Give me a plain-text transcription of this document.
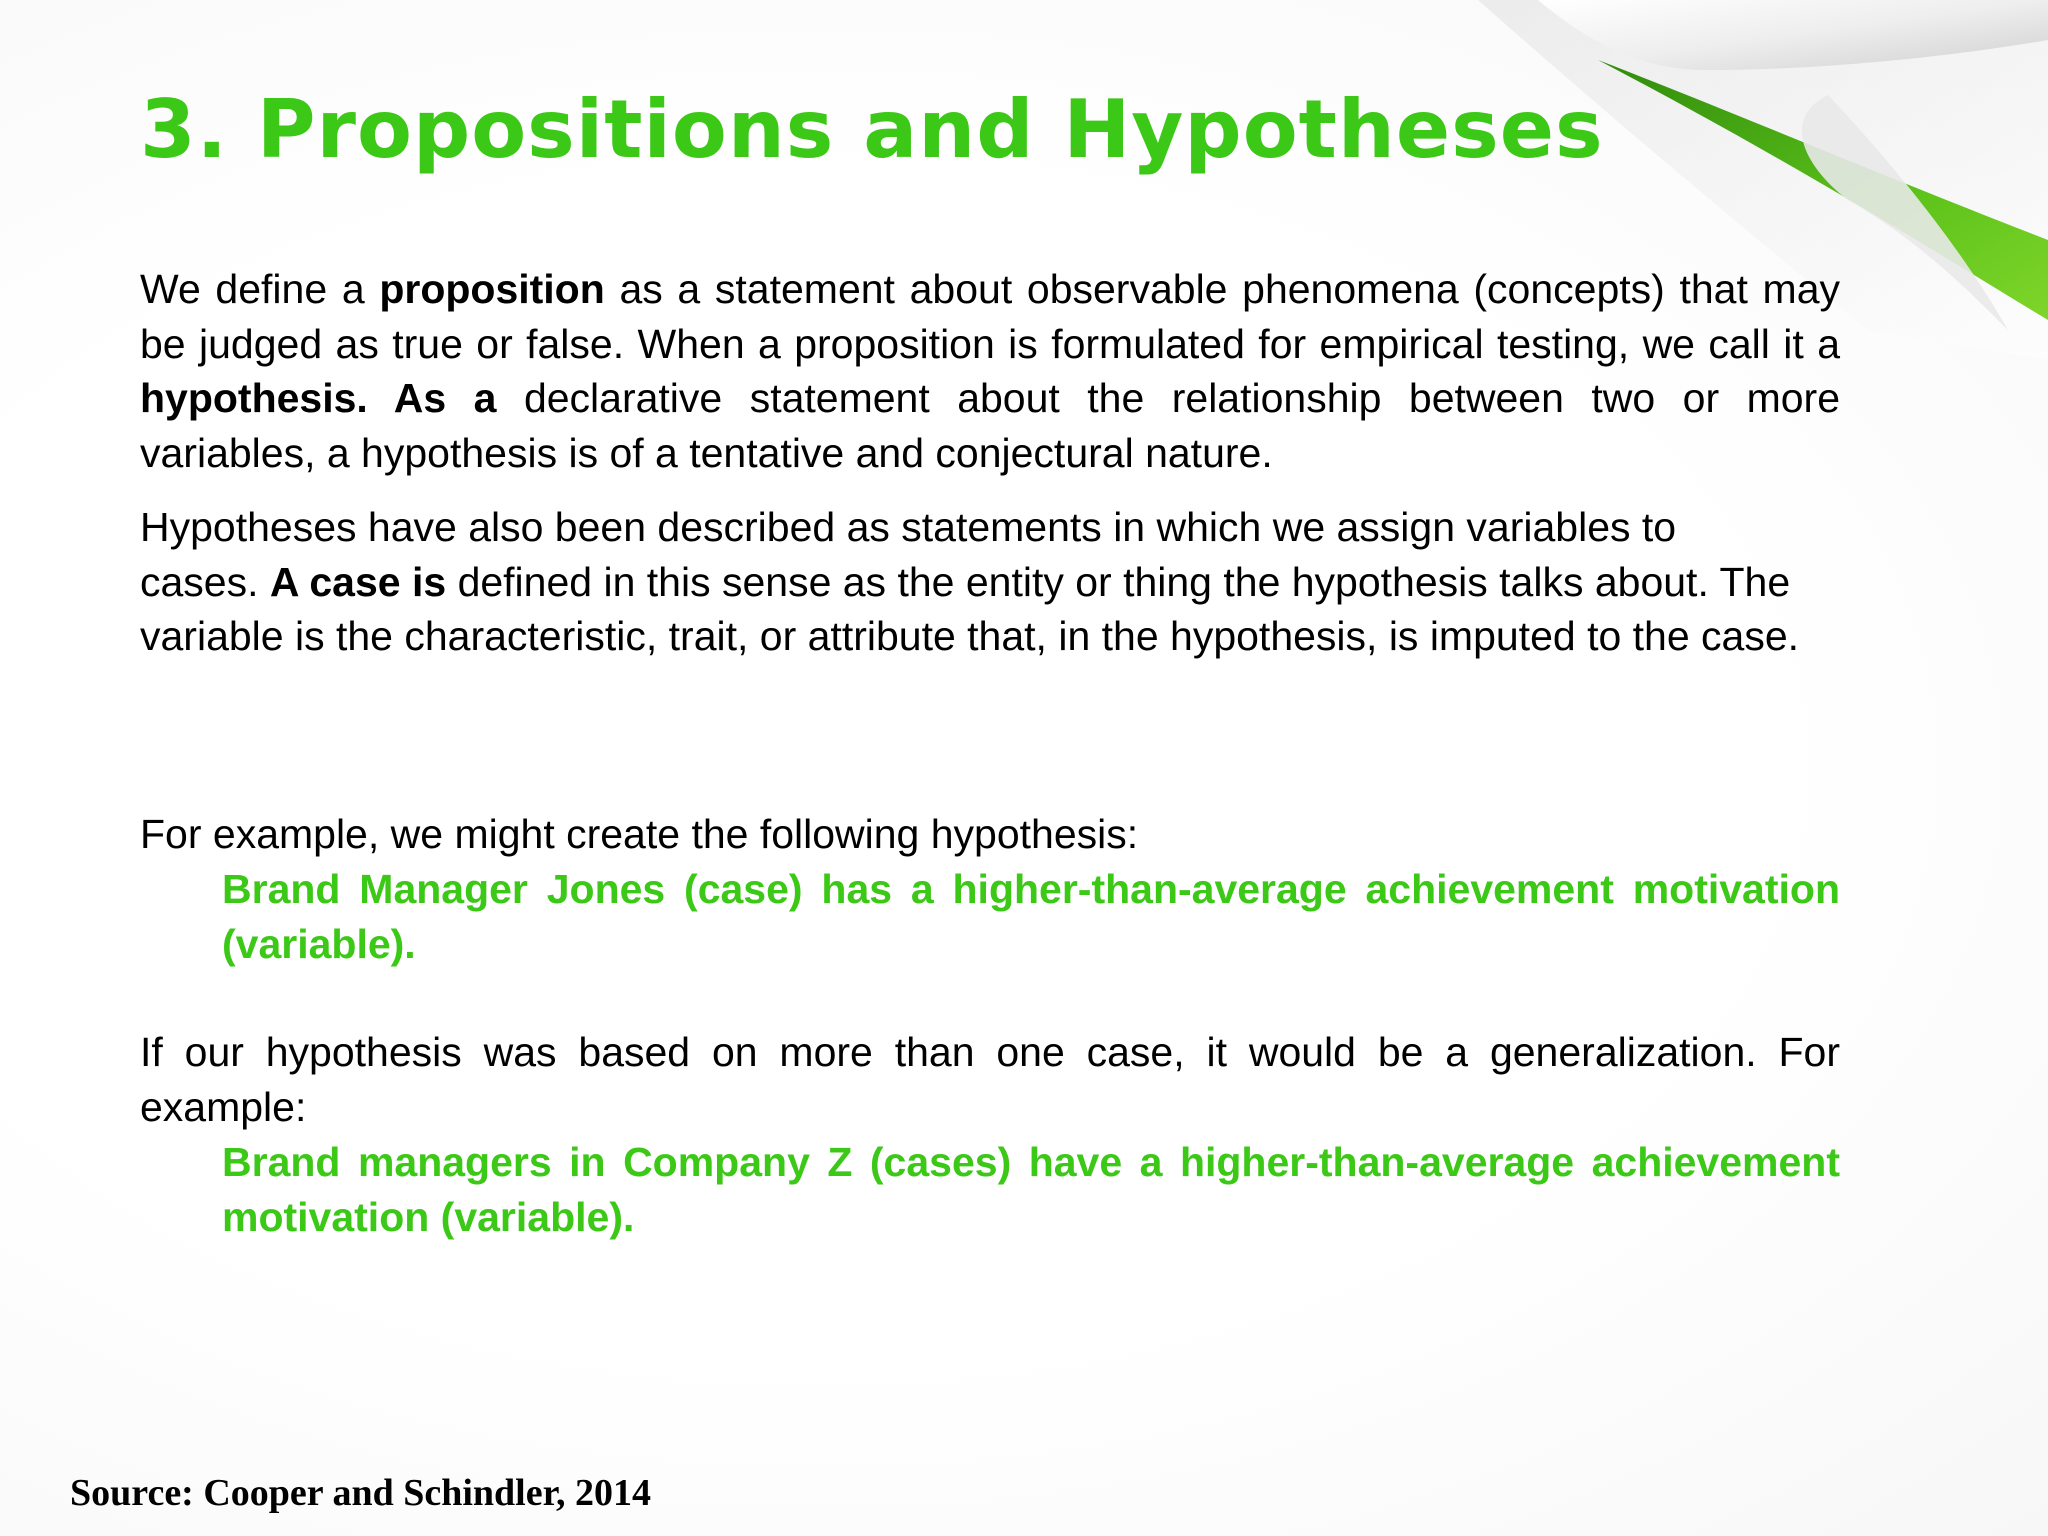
3. Propositions and Hypotheses

We define a proposition as a statement about observable phenomena (concepts) that may be judged as true or false. When a proposition is formulated for empirical testing, we call it a hypothesis. As a declarative statement about the relationship between two or more variables, a hypothesis is of a tentative and conjectural nature.

Hypotheses have also been described as statements in which we assign variables to cases. A case is defined in this sense as the entity or thing the hypothesis talks about. The variable is the characteristic, trait, or attribute that, in the hypothesis, is imputed to the case.

For example, we might create the following hypothesis:

Brand Manager Jones (case) has a higher-than-average achievement motivation (variable).

If our hypothesis was based on more than one case, it would be a generalization. For example:

Brand managers in Company Z (cases) have a higher-than-average achievement motivation (variable).

Source: Cooper and Schindler, 2014
